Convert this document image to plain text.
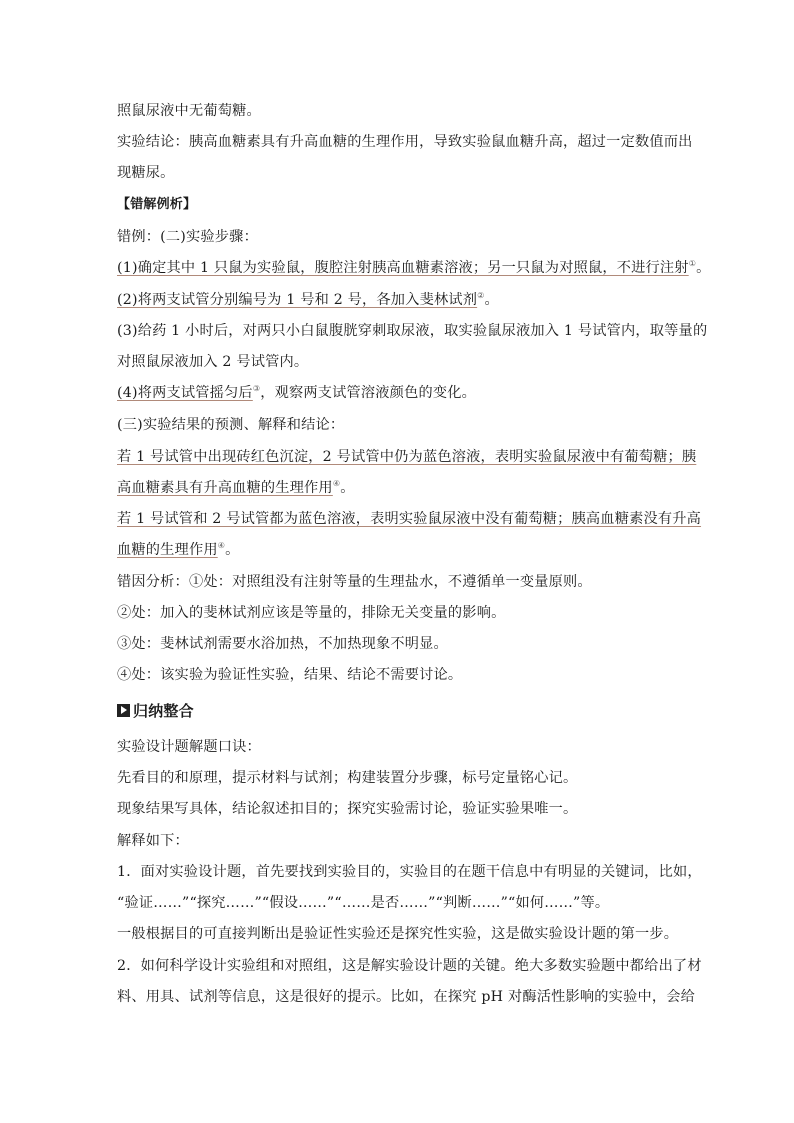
照鼠尿液中无葡萄糖。
实验结论：胰高血糖素具有升高血糖的生理作用，导致实验鼠血糖升高，超过一定数值而出
现糖尿。
【错解例析】
错例：(二)实验步骤：
(1)确定其中 1 只鼠为实验鼠，腹腔注射胰高血糖素溶液；另一只鼠为对照鼠，不进行注射①。
(2)将两支试管分别编号为 1 号和 2 号，各加入斐林试剂②。
(3)给药 1 小时后，对两只小白鼠腹胱穿刺取尿液，取实验鼠尿液加入 1 号试管内，取等量的
对照鼠尿液加入 2 号试管内。
(4)将两支试管摇匀后③，观察两支试管溶液颜色的变化。
(三)实验结果的预测、解释和结论：
若 1 号试管中出现砖红色沉淀，2 号试管中仍为蓝色溶液，表明实验鼠尿液中有葡萄糖；胰
高血糖素具有升高血糖的生理作用④。
若 1 号试管和 2 号试管都为蓝色溶液，表明实验鼠尿液中没有葡萄糖；胰高血糖素没有升高
血糖的生理作用④。
错因分析：①处：对照组没有注射等量的生理盐水，不遵循单一变量原则。
②处：加入的斐林试剂应该是等量的，排除无关变量的影响。
③处：斐林试剂需要水浴加热，不加热现象不明显。
④处：该实验为验证性实验，结果、结论不需要讨论。
归纳整合
实验设计题解题口诀：
先看目的和原理，提示材料与试剂；构建装置分步骤，标号定量铭心记。
现象结果写具体，结论叙述扣目的；探究实验需讨论，验证实验果唯一。
解释如下：
1．面对实验设计题，首先要找到实验目的，实验目的在题干信息中有明显的关键词，比如，
“验证……”“探究……”“假设……”“……是否……”“判断……”“如何……”等。
一般根据目的可直接判断出是验证性实验还是探究性实验，这是做实验设计题的第一步。
2．如何科学设计实验组和对照组，这是解实验设计题的关键。绝大多数实验题中都给出了材
料、用具、试剂等信息，这是很好的提示。比如，在探究 pH 对酶活性影响的实验中，会给
